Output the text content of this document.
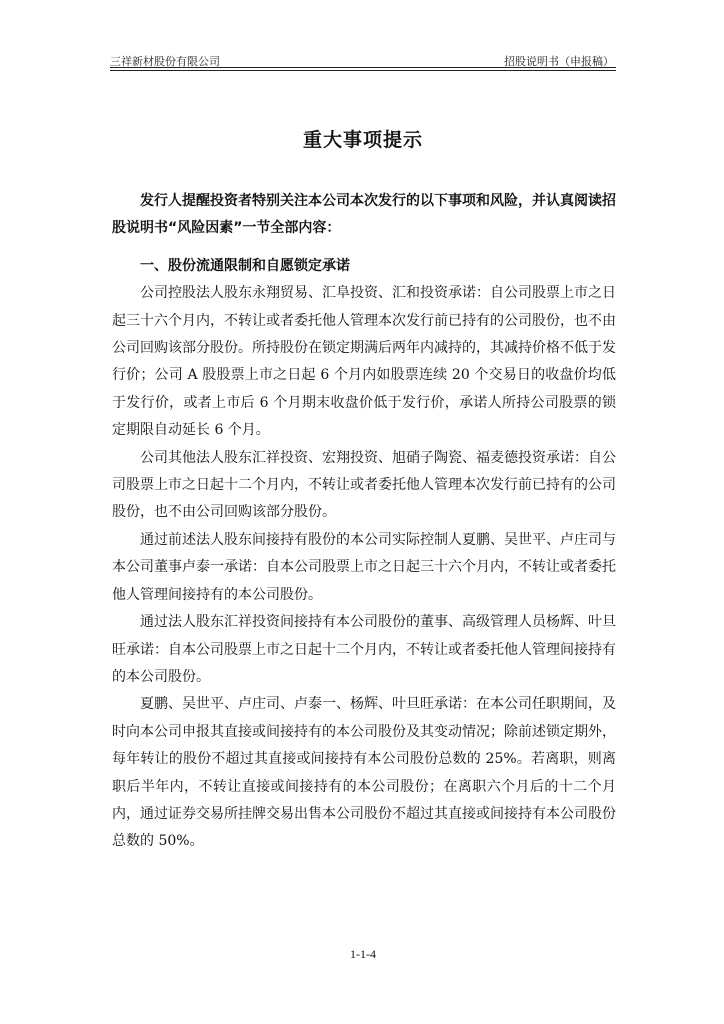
三祥新材股份有限公司	招股说明书（申报稿）
重大事项提示

发行人提醒投资者特别关注本公司本次发行的以下事项和风险，并认真阅读招股说明书“风险因素”一节全部内容：

一、股份流通限制和自愿锁定承诺

公司控股法人股东永翔贸易、汇阜投资、汇和投资承诺：自公司股票上市之日起三十六个月内，不转让或者委托他人管理本次发行前已持有的公司股份，也不由公司回购该部分股份。所持股份在锁定期满后两年内减持的，其减持价格不低于发行价；公司 A 股股票上市之日起 6 个月内如股票连续 20 个交易日的收盘价均低于发行价，或者上市后 6 个月期末收盘价低于发行价，承诺人所持公司股票的锁定期限自动延长 6 个月。

公司其他法人股东汇祥投资、宏翔投资、旭硝子陶瓷、福麦德投资承诺：自公司股票上市之日起十二个月内，不转让或者委托他人管理本次发行前已持有的公司股份，也不由公司回购该部分股份。

通过前述法人股东间接持有股份的本公司实际控制人夏鹏、吴世平、卢庄司与本公司董事卢泰一承诺：自本公司股票上市之日起三十六个月内，不转让或者委托他人管理间接持有的本公司股份。

通过法人股东汇祥投资间接持有本公司股份的董事、高级管理人员杨辉、叶旦旺承诺：自本公司股票上市之日起十二个月内，不转让或者委托他人管理间接持有的本公司股份。

夏鹏、吴世平、卢庄司、卢泰一、杨辉、叶旦旺承诺：在本公司任职期间，及时向本公司申报其直接或间接持有的本公司股份及其变动情况；除前述锁定期外，每年转让的股份不超过其直接或间接持有本公司股份总数的 25%。若离职，则离职后半年内，不转让直接或间接持有的本公司股份；在离职六个月后的十二个月内，通过证券交易所挂牌交易出售本公司股份不超过其直接或间接持有本公司股份总数的 50%。

1-1-4
